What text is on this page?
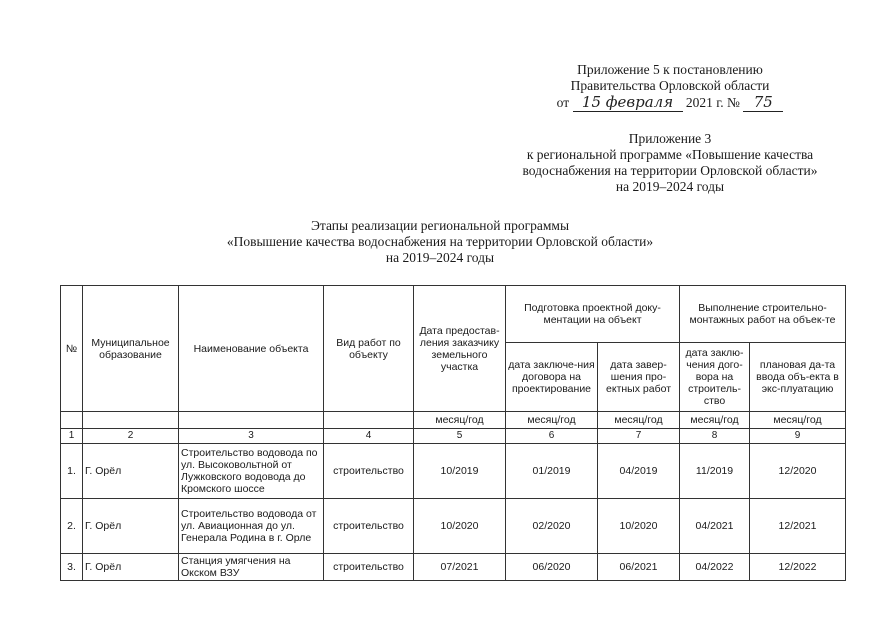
Приложение 5 к постановлению
Правительства Орловской области
от 15 февраля 2021 г. № 75
Приложение 3
к региональной программе «Повышение качества
водоснабжения на территории Орловской области»
на 2019–2024 годы
Этапы реализации региональной программы
«Повышение качества водоснабжения на территории Орловской области»
на 2019–2024 годы
№	Муниципальное образование	Наименование объекта	Вид работ по объекту	Дата предостав-ления заказчику земельного участка	Подготовка проектной доку-ментации на объект		Выполнение строительно-монтажных работ на объек-те	
					дата заключе-ния договора на проектирование	дата завер-шения про-ектных работ	дата заклю-чения дого-вора на строитель-ство	плановая да-та ввода объ-екта в экс-плуатацию
				месяц/год	месяц/год	месяц/год	месяц/год	месяц/год
1	2	3	4	5	6	7	8	9
1.	Г. Орёл	Строительство водовода по ул. Высоковольтной от Лужковского водовода до Кромского шоссе	строительство	10/2019	01/2019	04/2019	11/2019	12/2020
2.	Г. Орёл	Строительство водовода от ул. Авиационная до ул. Генерала Родина в г. Орле	строительство	10/2020	02/2020	10/2020	04/2021	12/2021
3.	Г. Орёл	Станция умягчения на Окском ВЗУ	строительство	07/2021	06/2020	06/2021	04/2022	12/2022
